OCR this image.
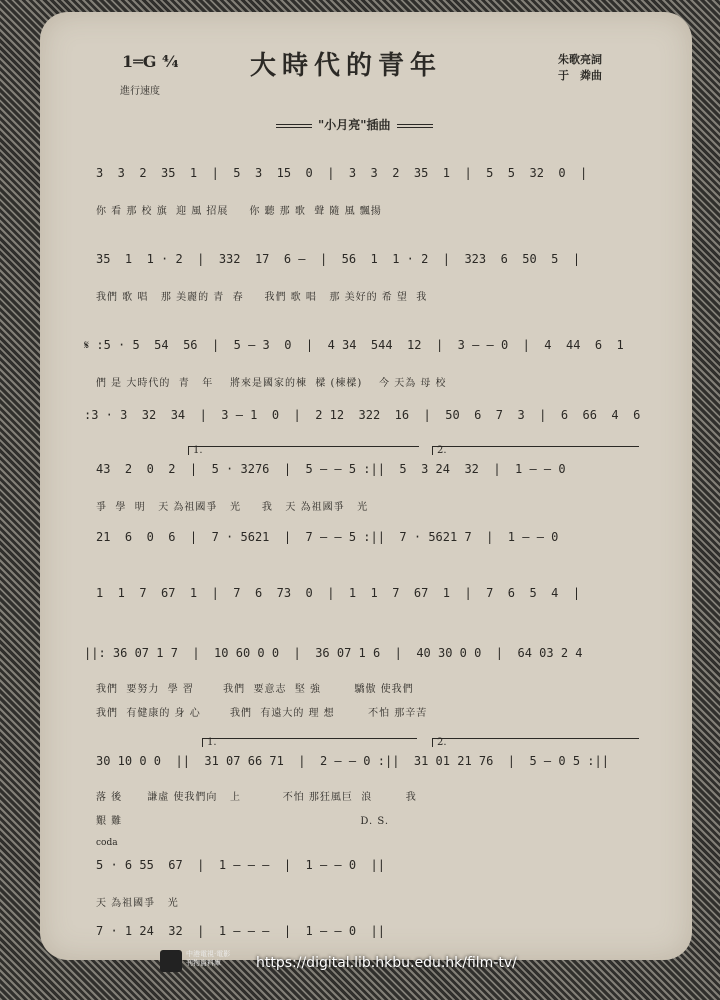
1═G ⁴⁄₄
進行速度
大時代的青年	朱歌亮詞
于　粦曲
"小月亮"插曲
3  3  2  35  1  |  5  3  15  0  |  3  3  2  35  1  |  5  5  32  0  |
你 看 那 校 旗  迎 風 招展     你 聽 那 歌  聲 隨 風 飄揚
35  1  1 · 2  |  332  17  6 —  |  56  1  1 · 2  |  323  6  50  5  |
我們 歌 唱   那 美麗的 青  春     我們 歌 唱   那 美好的 希 望  我
𝄋 :5 · 5  54  56  |  5 — 3  0  |  4 34  544  12  |  3 — — 0  |  4  44  6  1
們 是 大時代的  青   年    將來是國家的棟  樑 (棟樑)    今 天為 母 校
:3 · 3  32  34  |  3 — 1  0  |  2 12  322  16  |  50  6  7  3  |  6  66  4  6
1.	2.
43  2  0  2  |  5 · 3276  |  5 — — 5 :||  5  3 24  32  |  1 — — 0
爭  學  明   天 為祖國爭   光     我   天 為祖國爭   光
21  6  0  6  |  7 · 5621  |  7 — — 5 :||  7 · 5621 7  |  1 — — 0
1  1  7  67  1  |  7  6  73  0  |  1  1  7  67  1  |  7  6  5  4  |
||: 36 07 1 7  |  10 60 0 0  |  36 07 1 6  |  40 30 0 0  |  64 03 2 4
我們  要努力  學 習       我們  要意志  堅 強        驕傲 使我們
我們  有健康的 身 心       我們  有遠大的 理 想        不怕 那辛苦
1.	2.
30 10 0 0  ||  31 07 66 71  |  2 — — 0 :||  31 01 21 76  |  5 — 0 5 :||
落 後      謙虛 使我們向   上          不怕 那狂風巨  浪        我
艱 難                                                         D. S.
coda
5 · 6 55  67  |  1 — — —  |  1 — — 0  ||
天 為祖國爭   光
7 · 1 24  32  |  1 — — —  |  1 — — 0  ||
中港電視·電影
刊物資料庫	https://digital.lib.hkbu.edu.hk/film-tv/
